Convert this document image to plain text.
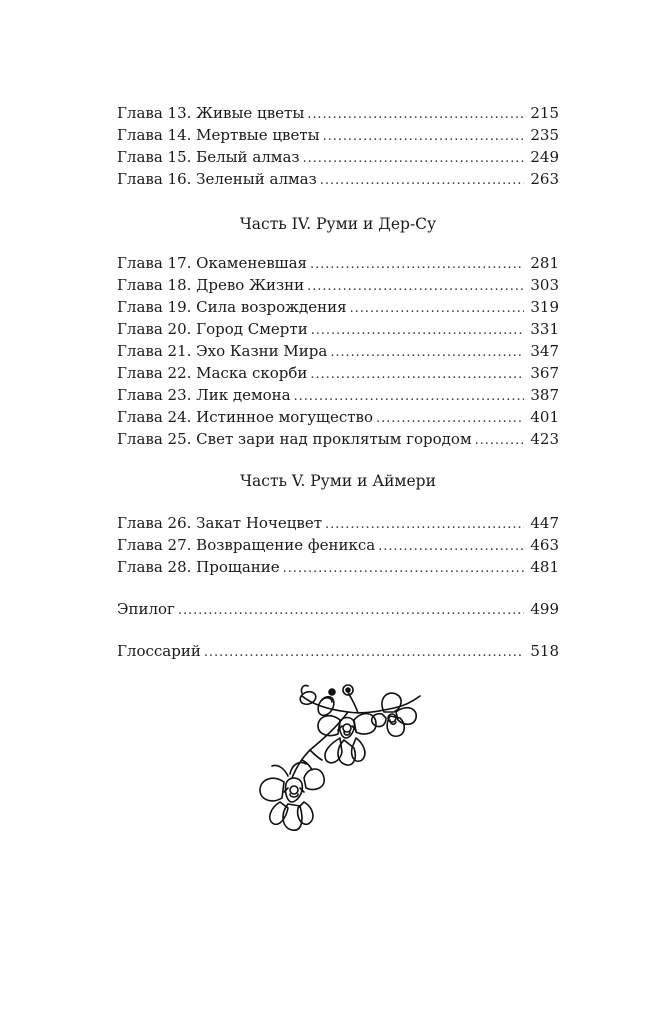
Глава 13. Живые цветы . . .	215
Глава 14. Мертвые цветы . . .	235
Глава 15. Белый алмаз . . .	249
Глава 16. Зеленый алмаз . . .	263
Часть IV. Руми и Дер-Су
Глава 17. Окаменевшая . . .	281
Глава 18. Древо Жизни . . .	303
Глава 19. Сила возрождения . . .	319
Глава 20. Город Смерти . . .	331
Глава 21. Эхо Казни Мира . . .	347
Глава 22. Маска скорби . . .	367
Глава 23. Лик демона . . .	387
Глава 24. Истинное могущество . . .	401
Глава 25. Свет зари над проклятым городом . . .	423
Часть V. Руми и Аймери
Глава 26. Закат Ночецвет . . .	447
Глава 27. Возвращение феникса . . .	463
Глава 28. Прощание . . .	481
Эпилог . . .	499
Глоссарий . . .	518
